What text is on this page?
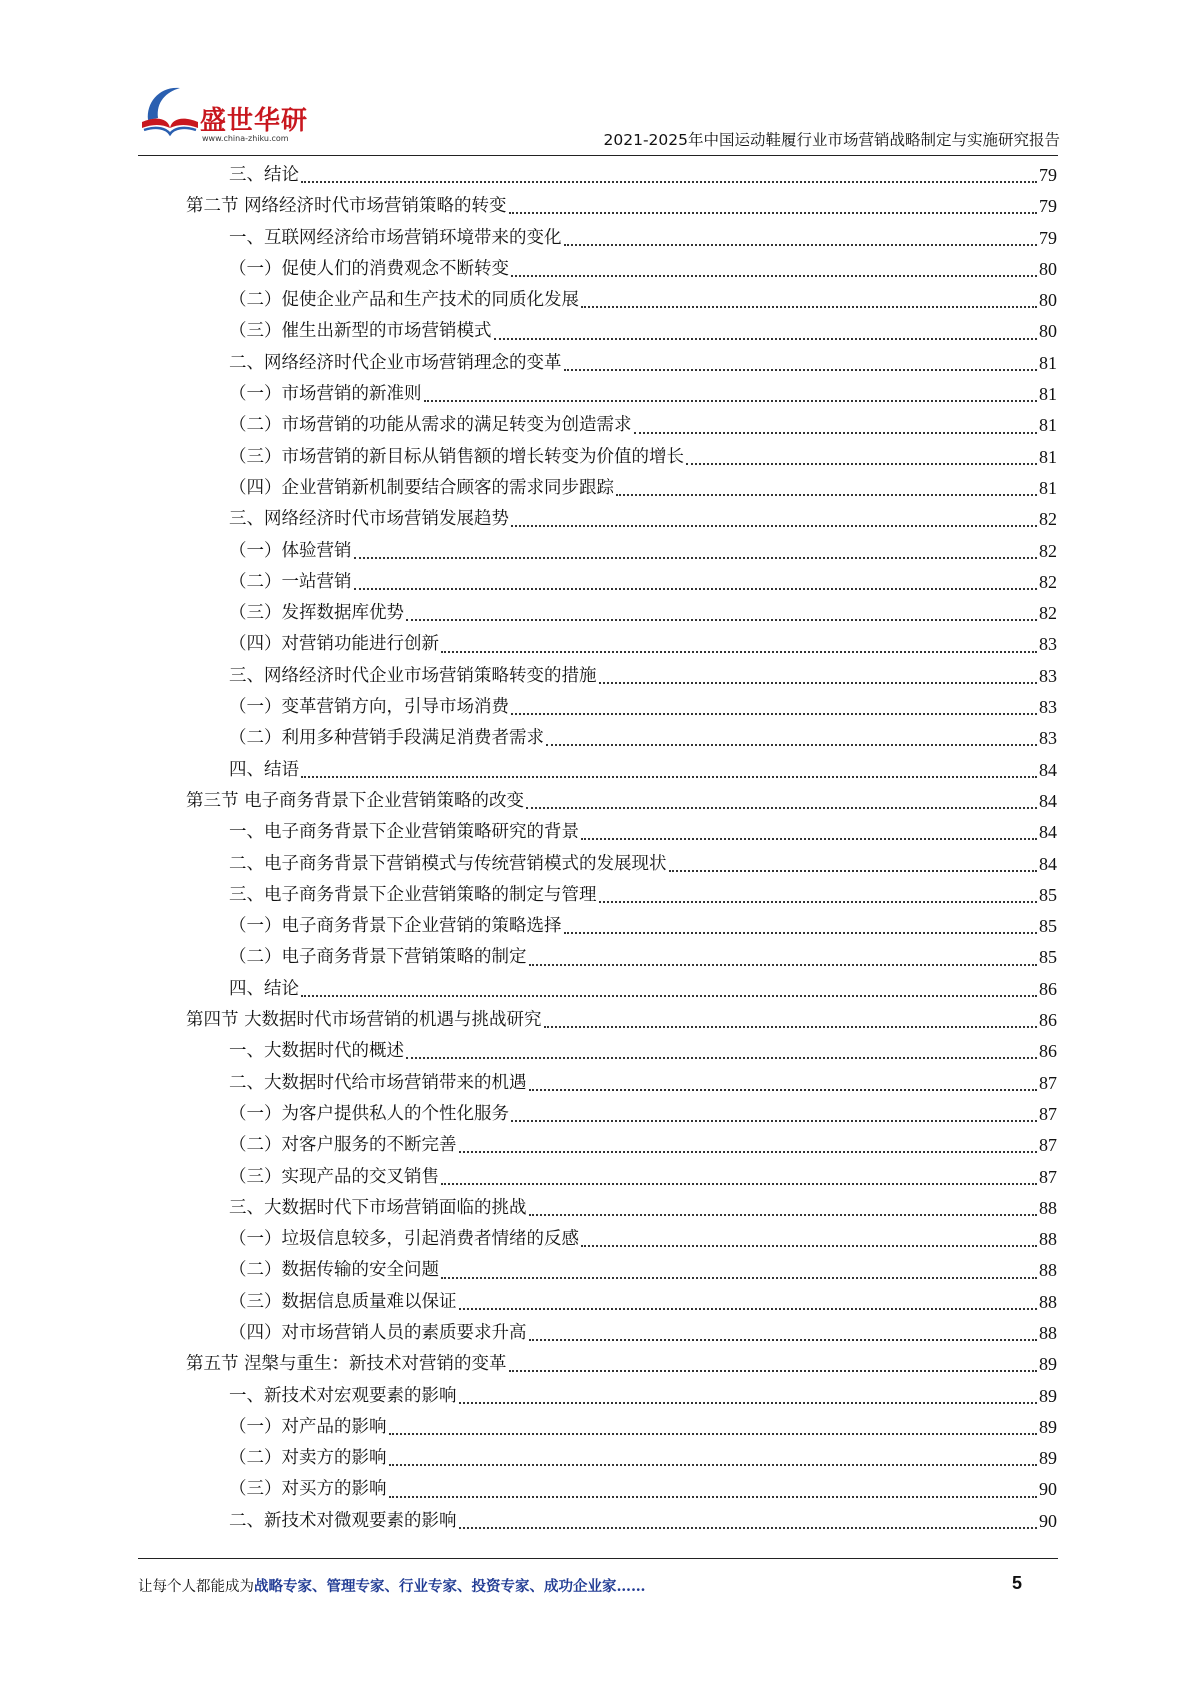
盛世华研
www.china-zhiku.com	2021-2025年中国运动鞋履行业市场营销战略制定与实施研究报告
三、结论	79
第二节 网络经济时代市场营销策略的转变	79
一、互联网经济给市场营销环境带来的变化	79
（一）促使人们的消费观念不断转变	80
（二）促使企业产品和生产技术的同质化发展	80
（三）催生出新型的市场营销模式	80
二、网络经济时代企业市场营销理念的变革	81
（一）市场营销的新准则	81
（二）市场营销的功能从需求的满足转变为创造需求	81
（三）市场营销的新目标从销售额的增长转变为价值的增长	81
（四）企业营销新机制要结合顾客的需求同步跟踪	81
三、网络经济时代市场营销发展趋势	82
（一）体验营销	82
（二）一站营销	82
（三）发挥数据库优势	82
（四）对营销功能进行创新	83
三、网络经济时代企业市场营销策略转变的措施	83
（一）变革营销方向，引导市场消费	83
（二）利用多种营销手段满足消费者需求	83
四、结语	84
第三节 电子商务背景下企业营销策略的改变	84
一、电子商务背景下企业营销策略研究的背景	84
二、电子商务背景下营销模式与传统营销模式的发展现状	84
三、电子商务背景下企业营销策略的制定与管理	85
（一）电子商务背景下企业营销的策略选择	85
（二）电子商务背景下营销策略的制定	85
四、结论	86
第四节 大数据时代市场营销的机遇与挑战研究	86
一、大数据时代的概述	86
二、大数据时代给市场营销带来的机遇	87
（一）为客户提供私人的个性化服务	87
（二）对客户服务的不断完善	87
（三）实现产品的交叉销售	87
三、大数据时代下市场营销面临的挑战	88
（一）垃圾信息较多，引起消费者情绪的反感	88
（二）数据传输的安全问题	88
（三）数据信息质量难以保证	88
（四）对市场营销人员的素质要求升高	88
第五节 涅槃与重生：新技术对营销的变革	89
一、新技术对宏观要素的影响	89
（一）对产品的影响	89
（二）对卖方的影响	89
（三）对买方的影响	90
二、新技术对微观要素的影响	90
让每个人都能成为战略专家、管理专家、行业专家、投资专家、成功企业家……	5
